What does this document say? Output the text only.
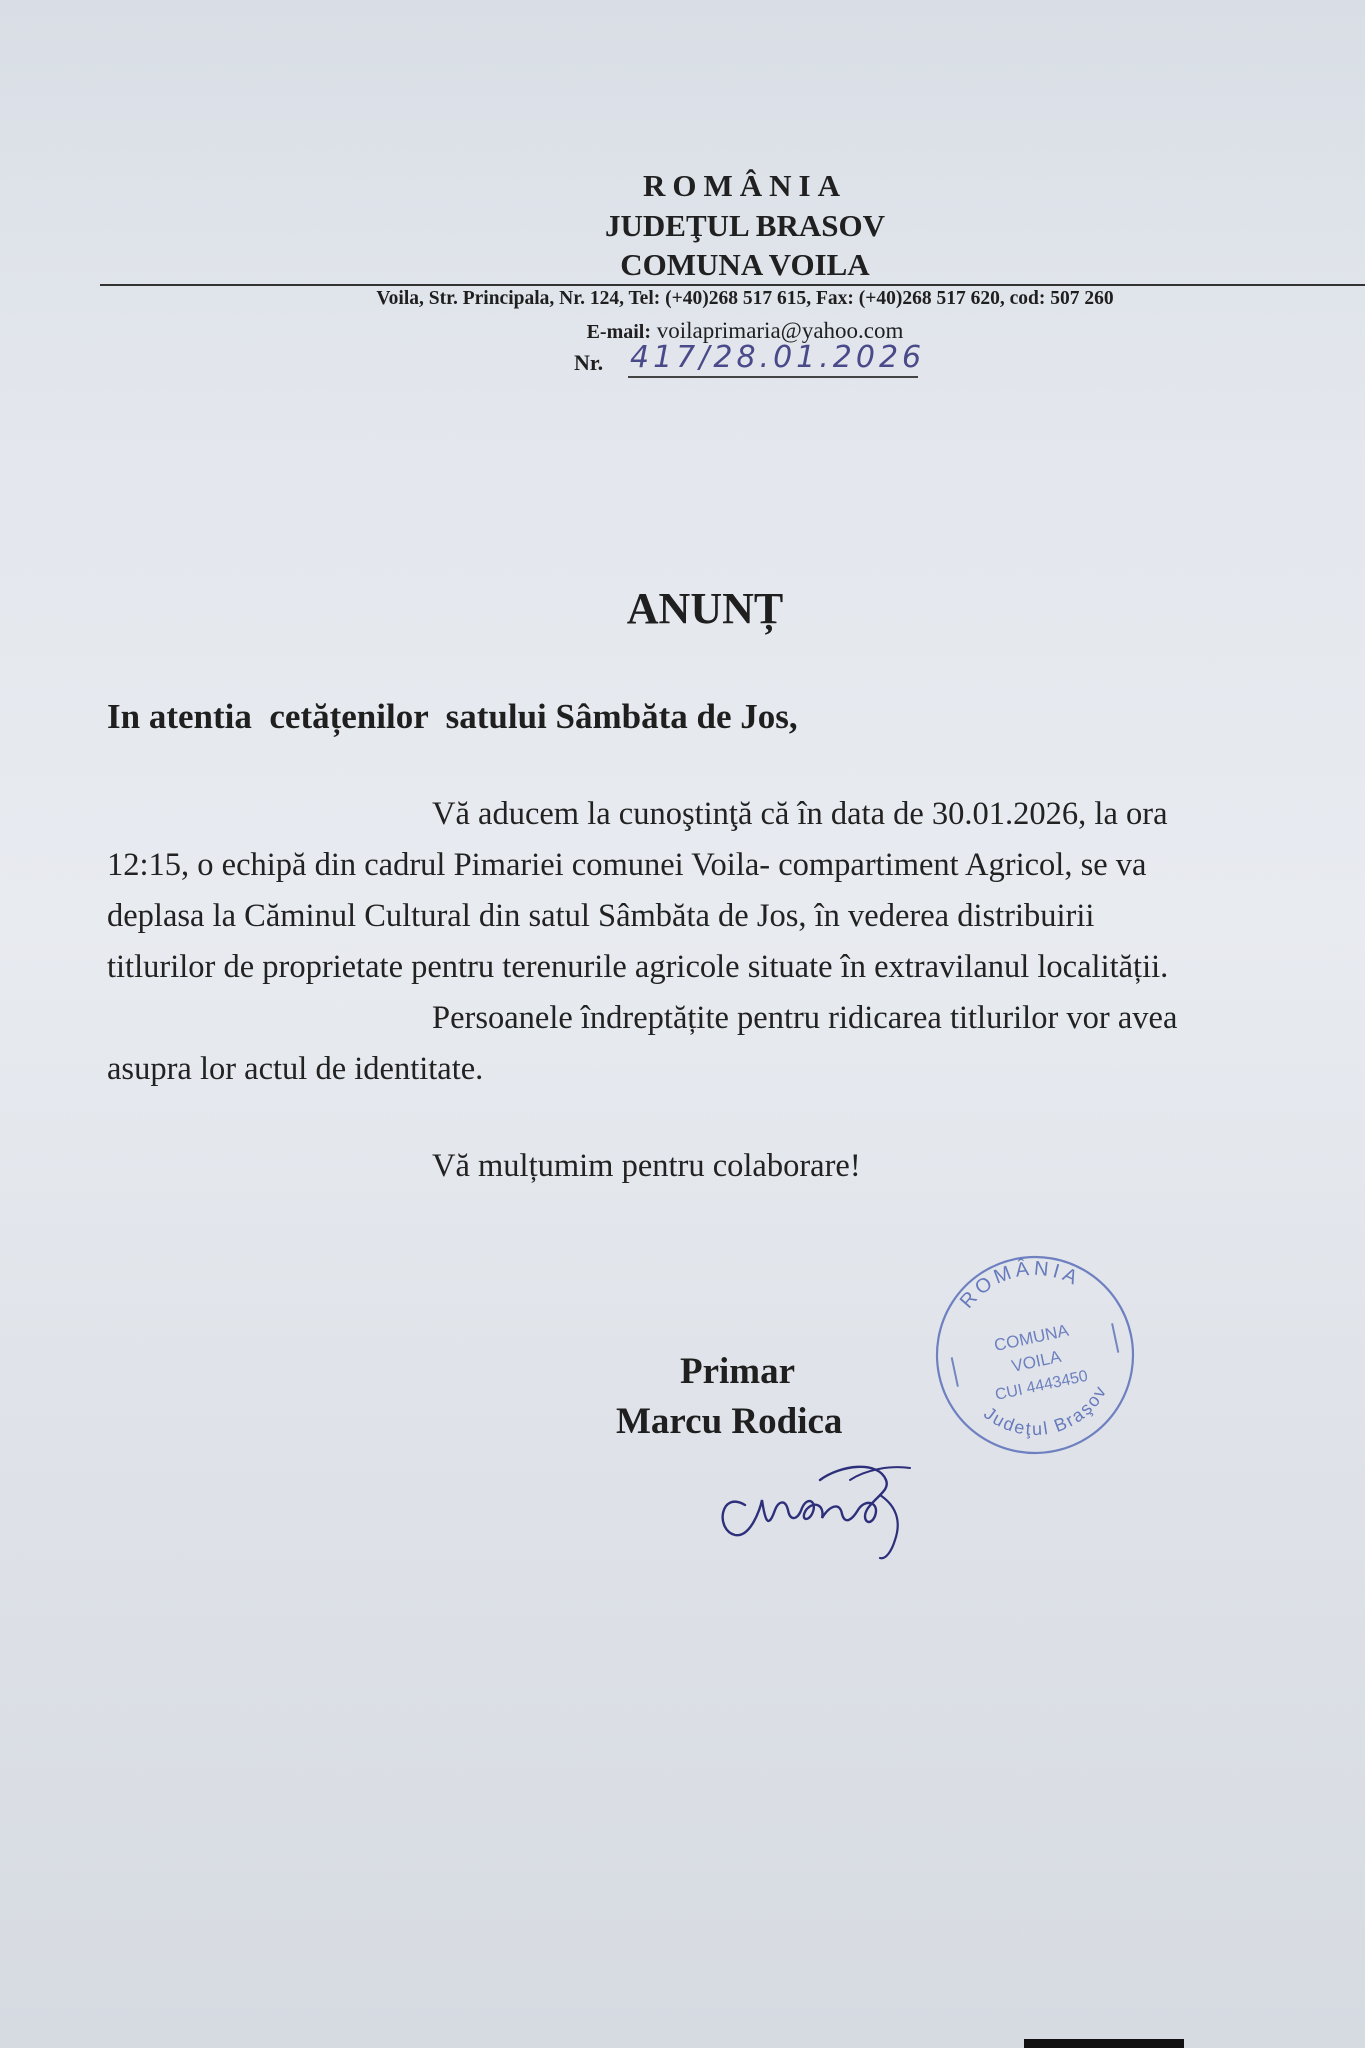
ROMÂNIA
JUDEŢUL BRASOV
COMUNA VOILA
Voila, Str. Principala, Nr. 124, Tel: (+40)268 517 615, Fax: (+40)268 517 620, cod: 507 260
E-mail: voilaprimaria@yahoo.com
Nr. 417/28.01.2026
ANUNȚ
In atentia  cetățenilor  satului Sâmbăta de Jos,
Vă aducem la cunoştinţă că în data de 30.01.2026, la ora
12:15, o echipă din cadrul Pimariei comunei Voila- compartiment Agricol, se va
deplasa la Căminul Cultural din satul Sâmbăta de Jos, în vederea distribuirii
titlurilor de proprietate pentru terenurile agricole situate în extravilanul localității.
Persoanele îndreptățite pentru ridicarea titlurilor vor avea
asupra lor actul de identitate.
Vă mulțumim pentru colaborare!
Primar
Marcu Rodica
ROMÂNIA
Judeţul Braşov
COMUNA
VOILA
CUI 4443450
